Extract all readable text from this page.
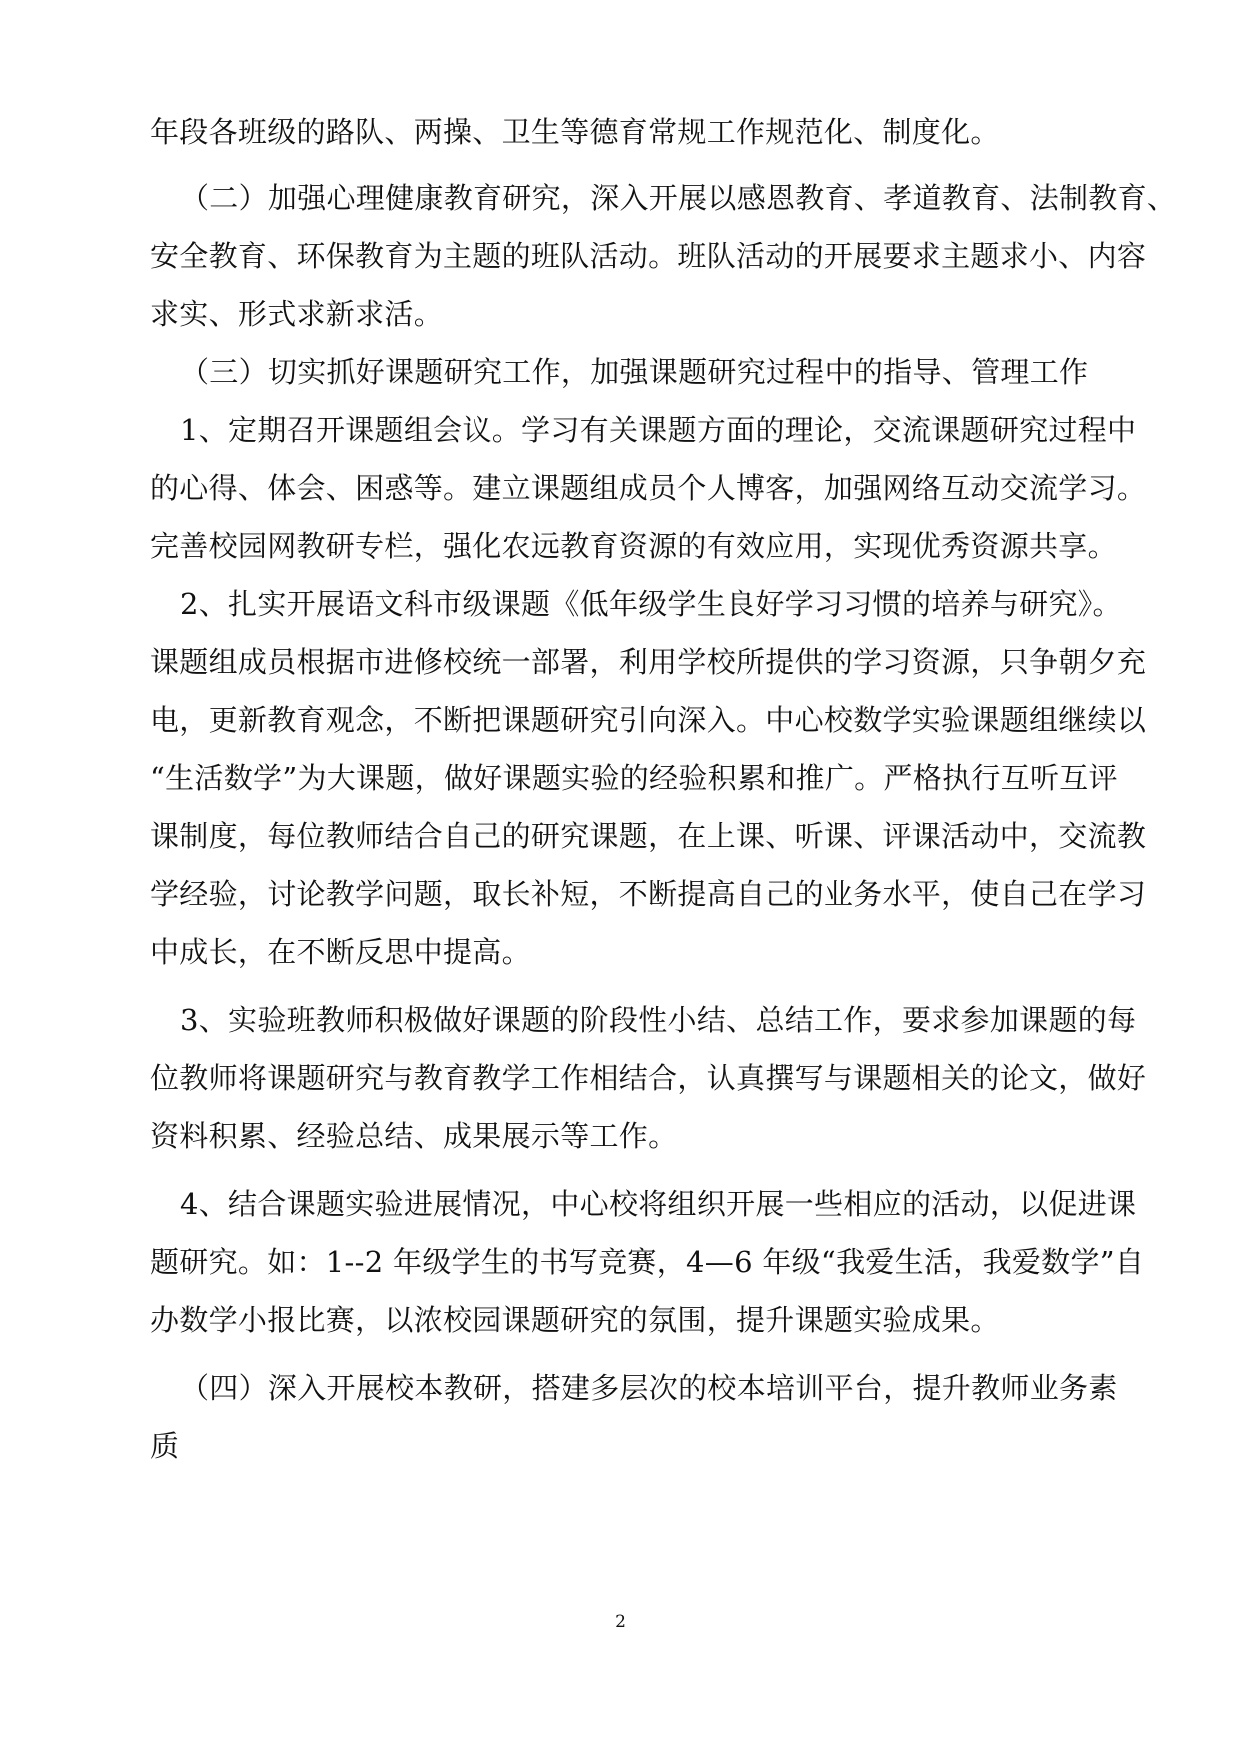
年段各班级的路队、两操、卫生等德育常规工作规范化、制度化。
（二）加强心理健康教育研究，深入开展以感恩教育、孝道教育、法制教育、
安全教育、环保教育为主题的班队活动。班队活动的开展要求主题求小、内容
求实、形式求新求活。
（三）切实抓好课题研究工作，加强课题研究过程中的指导、管理工作
1、定期召开课题组会议。学习有关课题方面的理论，交流课题研究过程中
的心得、体会、困惑等。建立课题组成员个人博客，加强网络互动交流学习。
完善校园网教研专栏，强化农远教育资源的有效应用，实现优秀资源共享。
2、扎实开展语文科市级课题《低年级学生良好学习习惯的培养与研究》。
课题组成员根据市进修校统一部署，利用学校所提供的学习资源，只争朝夕充
电，更新教育观念，不断把课题研究引向深入。中心校数学实验课题组继续以
“生活数学”为大课题，做好课题实验的经验积累和推广。严格执行互听互评
课制度，每位教师结合自己的研究课题，在上课、听课、评课活动中，交流教
学经验，讨论教学问题，取长补短，不断提高自己的业务水平，使自己在学习
中成长，在不断反思中提高。
3、实验班教师积极做好课题的阶段性小结、总结工作，要求参加课题的每
位教师将课题研究与教育教学工作相结合，认真撰写与课题相关的论文，做好
资料积累、经验总结、成果展示等工作。
4、结合课题实验进展情况，中心校将组织开展一些相应的活动，以促进课
题研究。如：1--2 年级学生的书写竞赛，4—6 年级“我爱生活，我爱数学”自
办数学小报比赛，以浓校园课题研究的氛围，提升课题实验成果。
（四）深入开展校本教研，搭建多层次的校本培训平台，提升教师业务素
质
2
